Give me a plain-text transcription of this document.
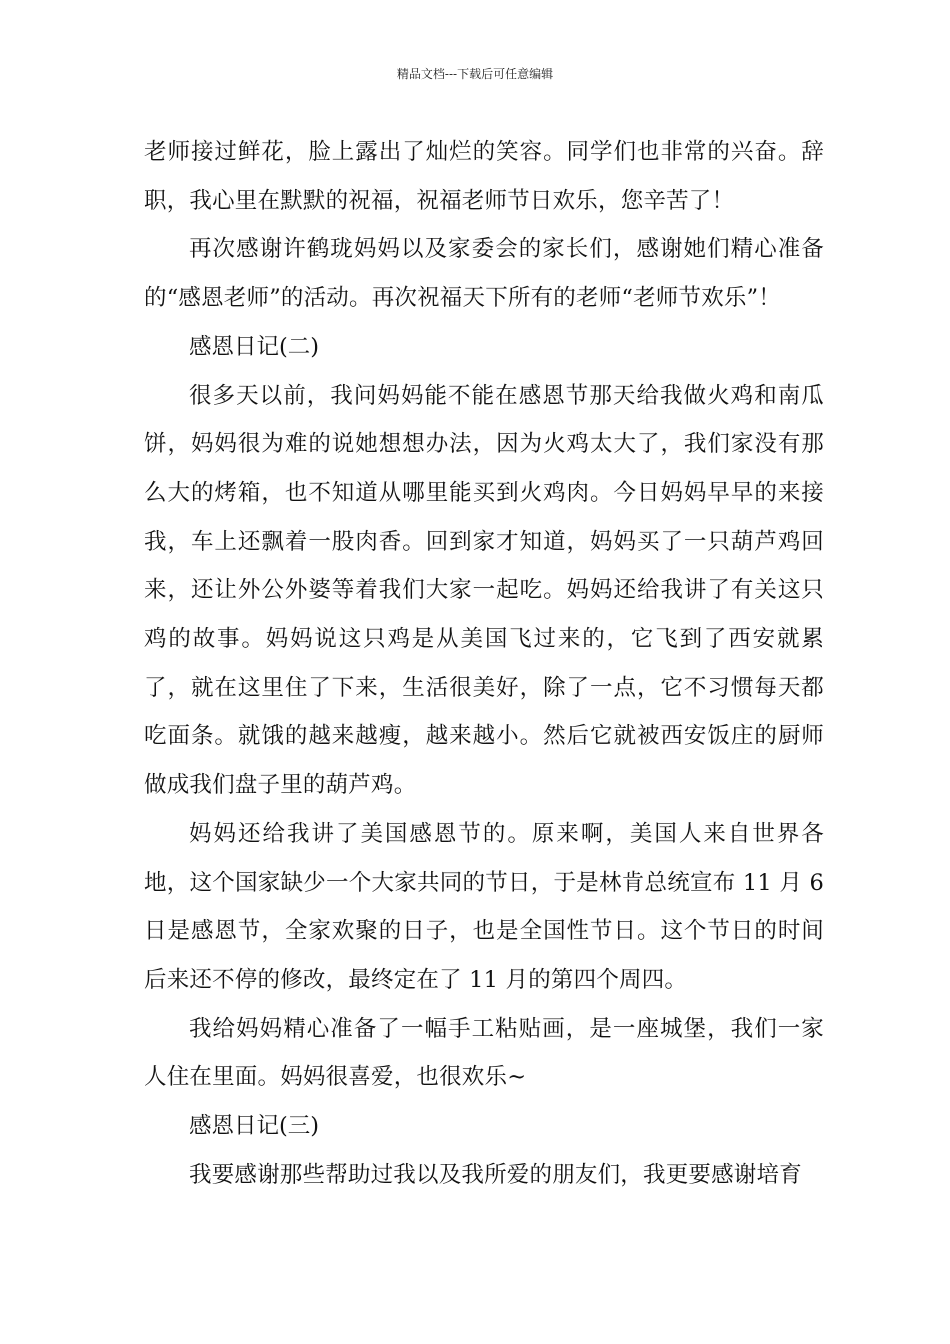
精品文档---下载后可任意编辑

老师接过鲜花，脸上露出了灿烂的笑容。同学们也非常的兴奋。辞职，我心里在默默的祝福，祝福老师节日欢乐，您辛苦了！

再次感谢许鹤珑妈妈以及家委会的家长们，感谢她们精心准备的“感恩老师”的活动。再次祝福天下所有的老师“老师节欢乐”！

感恩日记(二)

很多天以前，我问妈妈能不能在感恩节那天给我做火鸡和南瓜饼，妈妈很为难的说她想想办法，因为火鸡太大了，我们家没有那么大的烤箱，也不知道从哪里能买到火鸡肉。今日妈妈早早的来接我，车上还飘着一股肉香。回到家才知道，妈妈买了一只葫芦鸡回来，还让外公外婆等着我们大家一起吃。妈妈还给我讲了有关这只鸡的故事。妈妈说这只鸡是从美国飞过来的，它飞到了西安就累了，就在这里住了下来，生活很美好，除了一点，它不习惯每天都吃面条。就饿的越来越瘦，越来越小。然后它就被西安饭庄的厨师做成我们盘子里的葫芦鸡。

妈妈还给我讲了美国感恩节的。原来啊，美国人来自世界各地，这个国家缺少一个大家共同的节日，于是林肯总统宣布 11 月 6 日是感恩节，全家欢聚的日子，也是全国性节日。这个节日的时间后来还不停的修改，最终定在了 11 月的第四个周四。

我给妈妈精心准备了一幅手工粘贴画，是一座城堡，我们一家人住在里面。妈妈很喜爱，也很欢乐~

感恩日记(三)

我要感谢那些帮助过我以及我所爱的朋友们，我更要感谢培育
